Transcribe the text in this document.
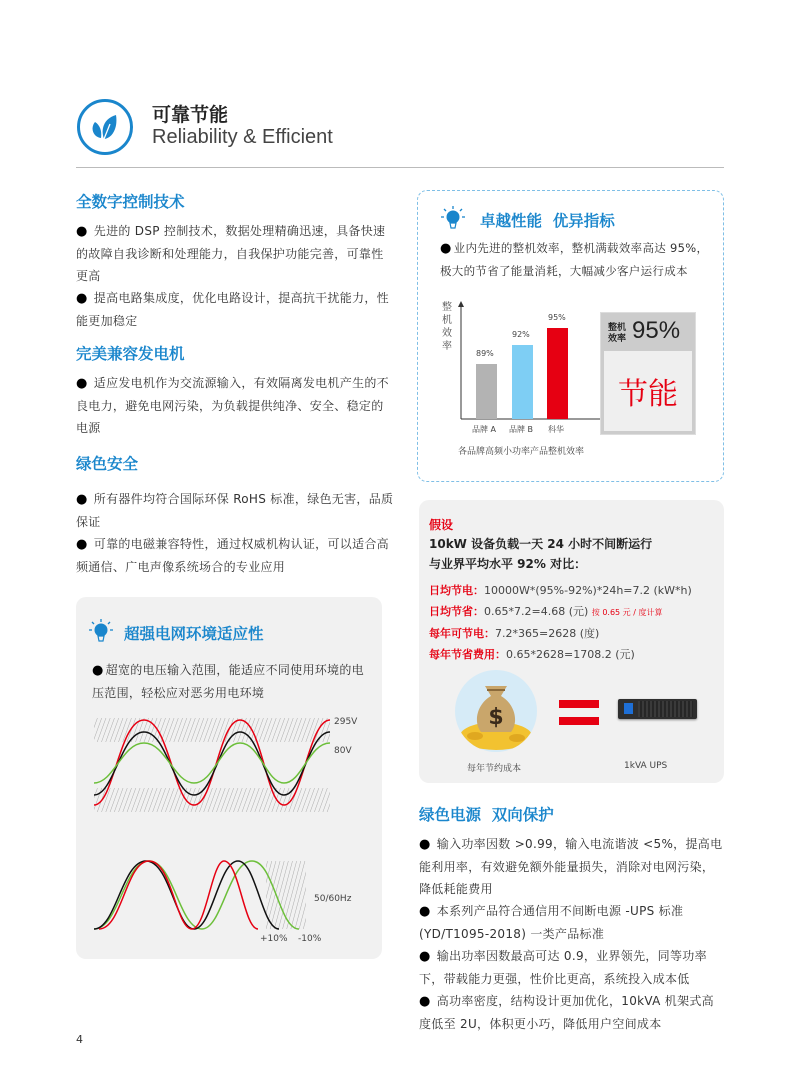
可靠节能
Reliability & Efficient
全数字控制技术
● 先进的 DSP 控制技术，数据处理精确迅速，具备快速的故障自我诊断和处理能力，自我保护功能完善，可靠性更高
● 提高电路集成度，优化电路设计，提高抗干扰能力，性能更加稳定
完美兼容发电机
● 适应发电机作为交流源输入，有效隔离发电机产生的不良电力，避免电网污染，为负载提供纯净、安全、稳定的电源
绿色安全
● 所有器件均符合国际环保 RoHS 标准，绿色无害，品质保证
● 可靠的电磁兼容特性，通过权威机构认证，可以适合高频通信、广电声像系统场合的专业应用
超强电网环境适应性
● 超宽的电压输入范围，能适应不同使用环境的电压范围，轻松应对恶劣用电环境
295V
80V
50/60Hz
+10% -10%
卓越性能  优异指标
● 业内先进的整机效率，整机满载效率高达 95%，极大的节省了能量消耗，大幅减少客户运行成本
整机效率
89%
92%
95%
品牌 A 品牌 B 科华
各品牌高频小功率产品整机效率
整机
效率 95%
节能
假设
10kW 设备负载一天 24 小时不间断运行
与业界平均水平 92% 对比：
日均节电：10000W*(95%-92%)*24h=7.2 (kW*h)
日均节省：0.65*7.2=4.68 (元) 按 0.65 元 / 度计算
每年可节电：7.2*365=2628 (度)
每年节省费用：0.65*2628=1708.2 (元)
$
每年节约成本	1kVA UPS
绿色电源  双向保护
● 输入功率因数 >0.99，输入电流谐波 <5%，提高电能利用率，有效避免额外能量损失，消除对电网污染，降低耗能费用
● 本系列产品符合通信用不间断电源 -UPS 标准 (YD/T1095-2018) 一类产品标准
● 输出功率因数最高可达 0.9，业界领先，同等功率下，带载能力更强，性价比更高，系统投入成本低
● 高功率密度，结构设计更加优化，10kVA 机架式高度低至 2U，体积更小巧，降低用户空间成本
4
